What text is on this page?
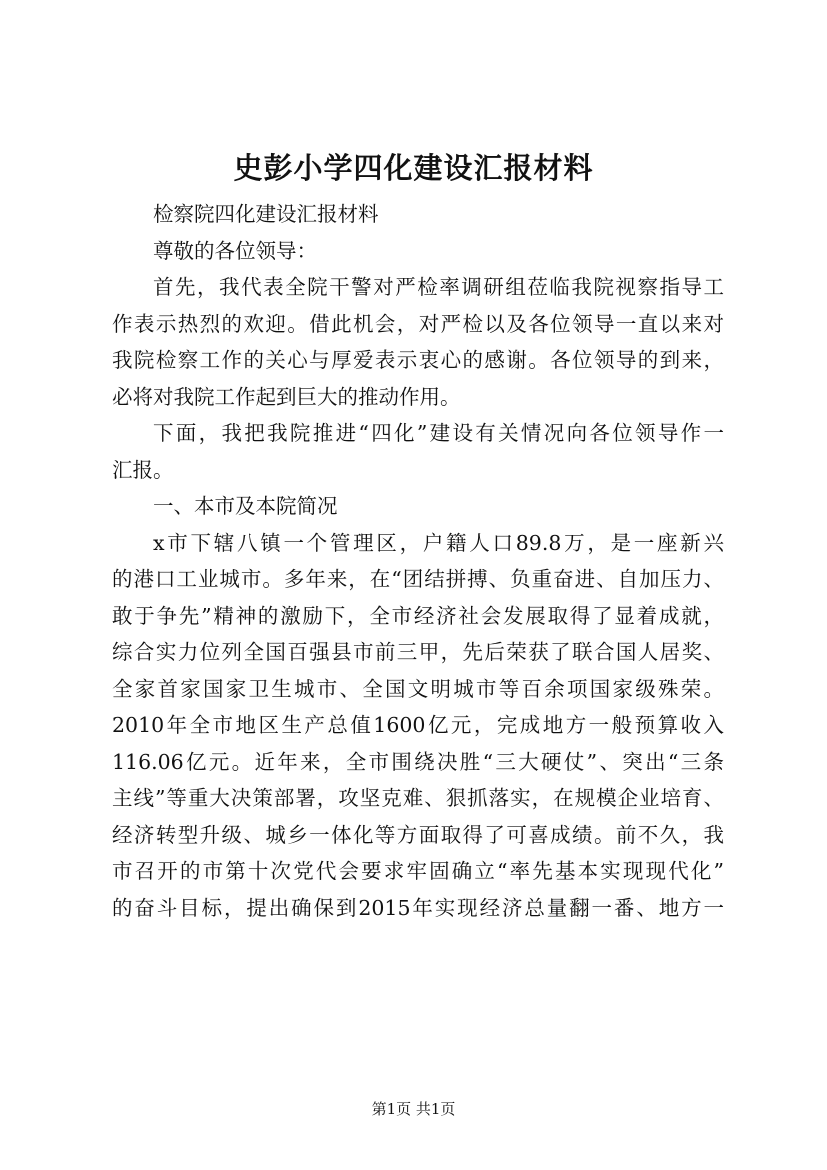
史彭小学四化建设汇报材料
检察院四化建设汇报材料
尊敬的各位领导：
首先，我代表全院干警对严检率调研组莅临我院视察指导工
作表示热烈的欢迎。借此机会，对严检以及各位领导一直以来对
我院检察工作的关心与厚爱表示衷心的感谢。各位领导的到来，
必将对我院工作起到巨大的推动作用。
下面，我把我院推进“四化”建设有关情况向各位领导作一
汇报。
一、本市及本院简况
x市下辖八镇一个管理区，户籍人口89.8万，是一座新兴
的港口工业城市。多年来，在“团结拼搏、负重奋进、自加压力、
敢于争先”精神的激励下，全市经济社会发展取得了显着成就，
综合实力位列全国百强县市前三甲，先后荣获了联合国人居奖、
全家首家国家卫生城市、全国文明城市等百余项国家级殊荣。
2010年全市地区生产总值1600亿元，完成地方一般预算收入
116.06亿元。近年来，全市围绕决胜“三大硬仗”、突出“三条
主线”等重大决策部署，攻坚克难、狠抓落实，在规模企业培育、
经济转型升级、城乡一体化等方面取得了可喜成绩。前不久，我
市召开的市第十次党代会要求牢固确立“率先基本实现现代化”
的奋斗目标，提出确保到2015年实现经济总量翻一番、地方一
第1页 共1页
